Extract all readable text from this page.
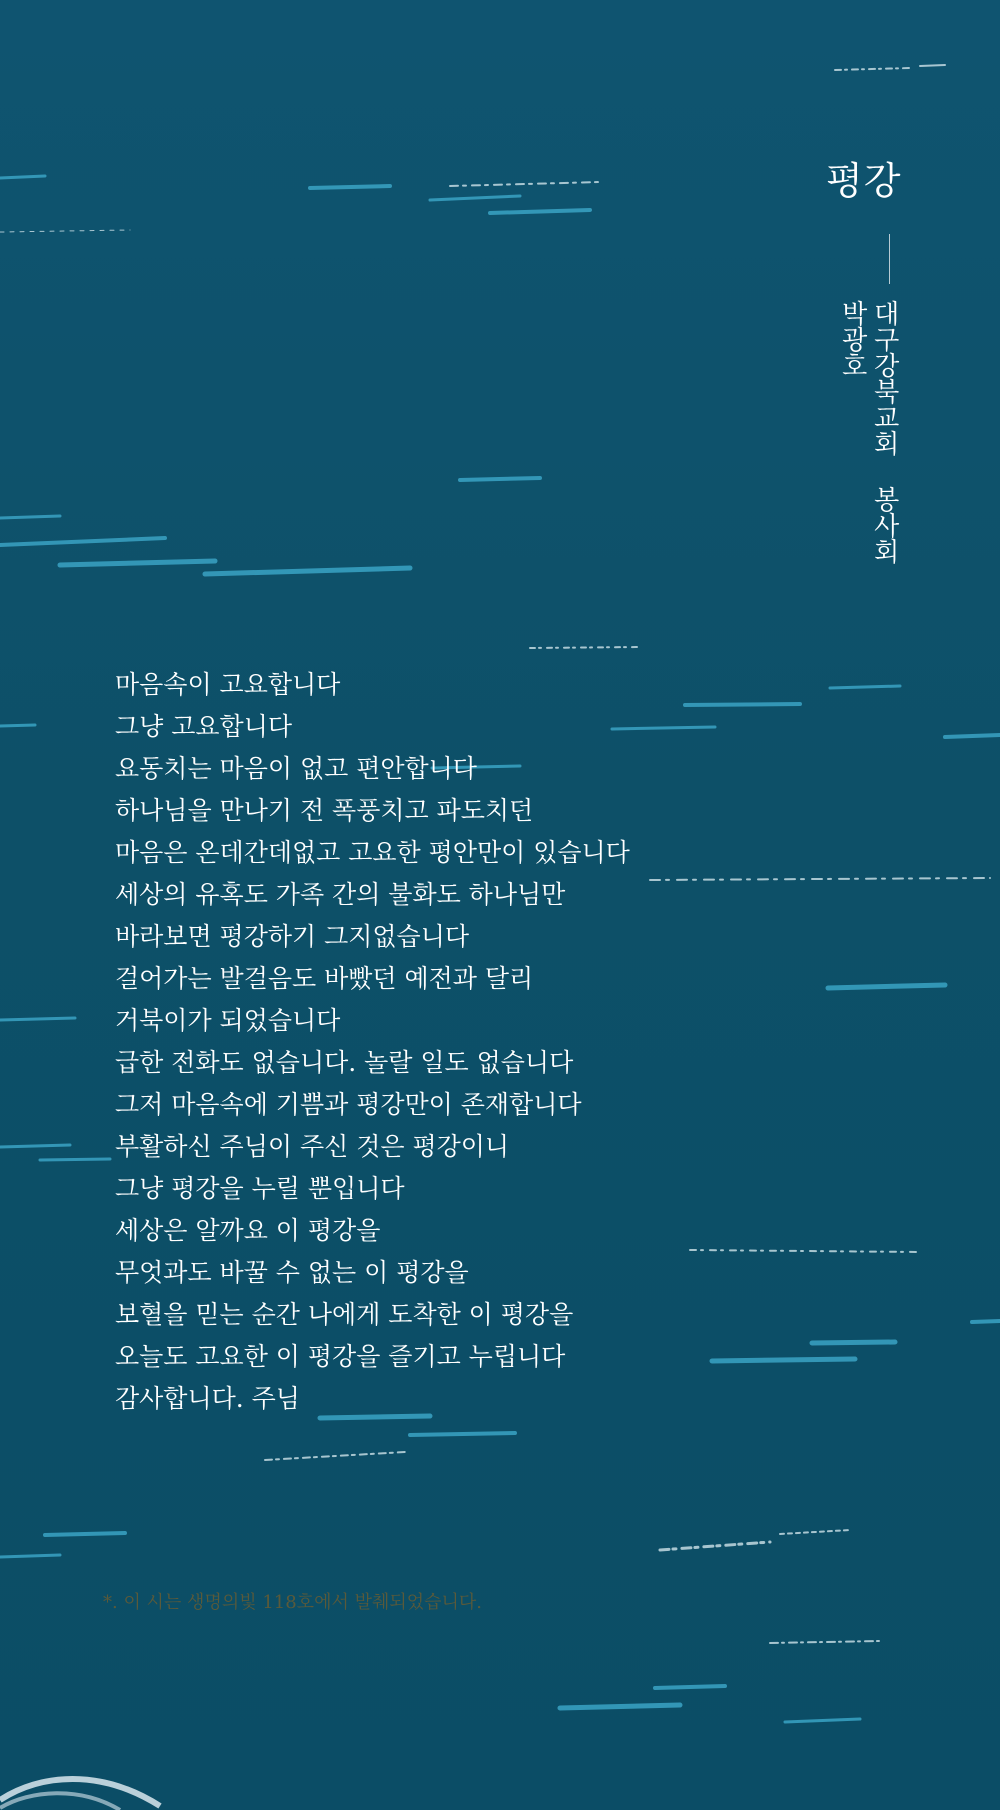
평강
대구강북교회 봉사회
박광호
마음속이 고요합니다
그냥 고요합니다
요동치는 마음이 없고 편안합니다
하나님을 만나기 전 폭풍치고 파도치던
마음은 온데간데없고 고요한 평안만이 있습니다
세상의 유혹도 가족 간의 불화도 하나님만
바라보면 평강하기 그지없습니다
걸어가는 발걸음도 바빴던 예전과 달리
거북이가 되었습니다
급한 전화도 없습니다. 놀랄 일도 없습니다
그저 마음속에 기쁨과 평강만이 존재합니다
부활하신 주님이 주신 것은 평강이니
그냥 평강을 누릴 뿐입니다
세상은 알까요 이 평강을
무엇과도 바꿀 수 없는 이 평강을
보혈을 믿는 순간 나에게 도착한 이 평강을
오늘도 고요한 이 평강을 즐기고 누립니다
감사합니다. 주님
*. 이 시는 생명의빛 118호에서 발췌되었습니다.
